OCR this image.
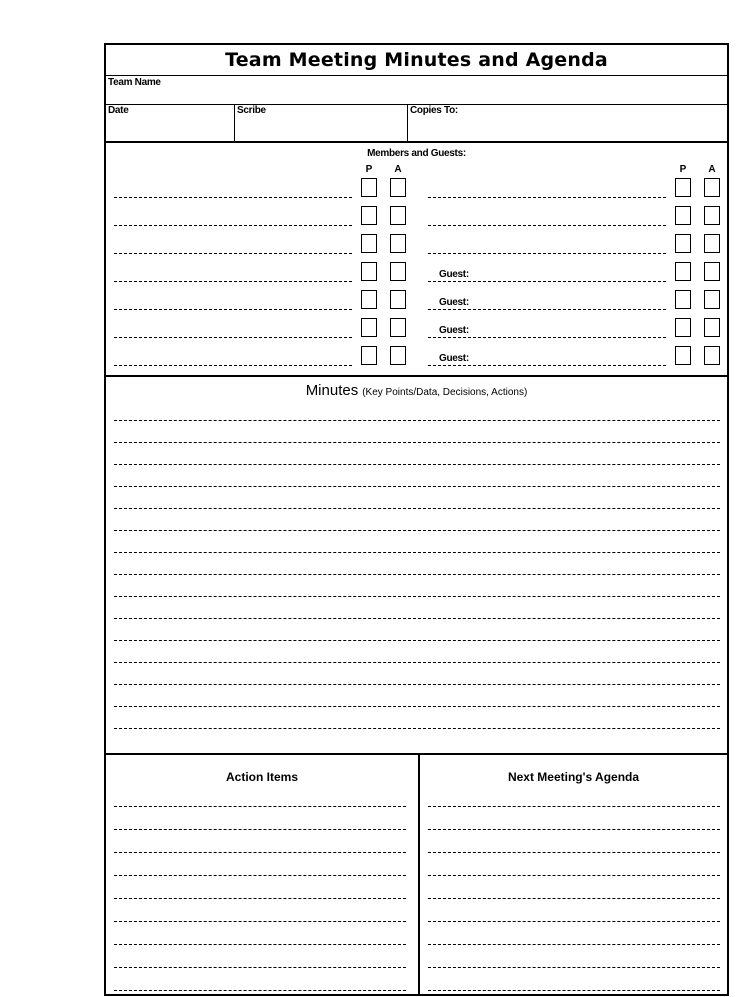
Team Meeting Minutes and Agenda
Team Name
Date	Scribe	Copies To:
Members and Guests:
P	A	P	A
Guest:
Guest:
Guest:
Guest:
Minutes (Key Points/Data, Decisions, Actions)
Action Items	Next Meeting's Agenda
